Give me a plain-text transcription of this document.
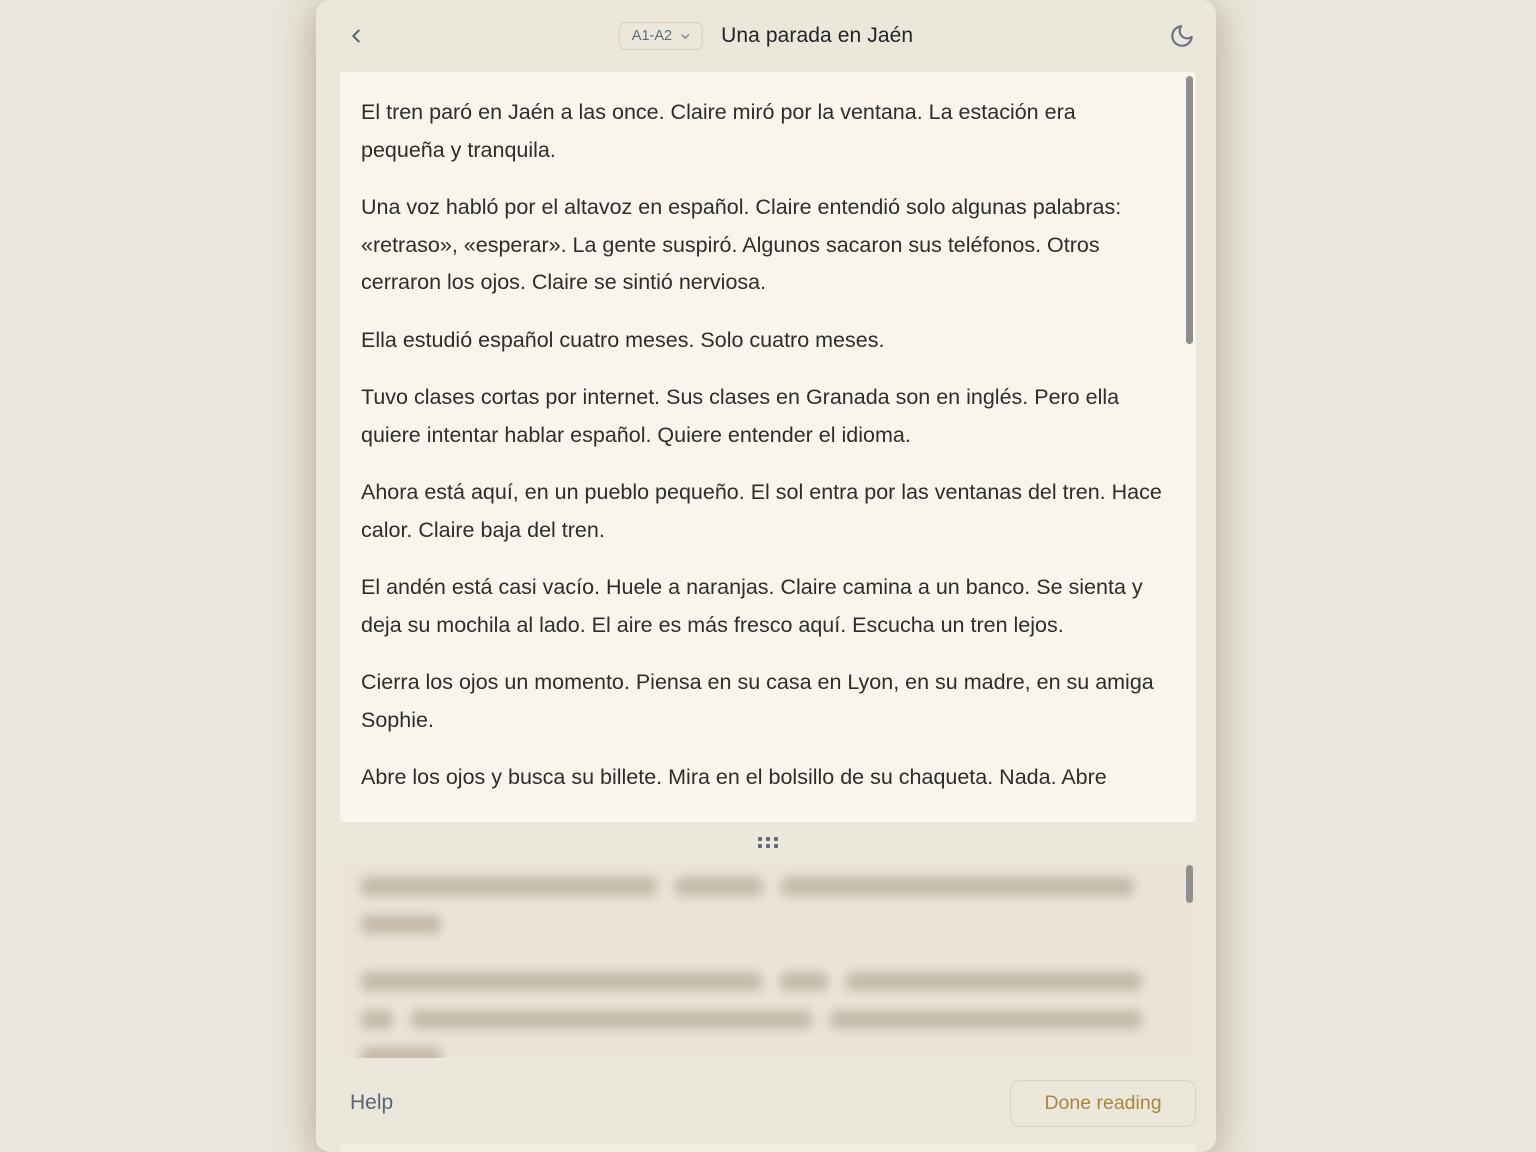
A1-A2 Una parada en Jaén

El tren paró en Jaén a las once. Claire miró por la ventana. La estación era pequeña y tranquila.

Una voz habló por el altavoz en español. Claire entendió solo algunas palabras: «retraso», «esperar». La gente suspiró. Algunos sacaron sus teléfonos. Otros cerraron los ojos. Claire se sintió nerviosa.

Ella estudió español cuatro meses. Solo cuatro meses.

Tuvo clases cortas por internet. Sus clases en Granada son en inglés. Pero ella quiere intentar hablar español. Quiere entender el idioma.

Ahora está aquí, en un pueblo pequeño. El sol entra por las ventanas del tren. Hace calor. Claire baja del tren.

El andén está casi vacío. Huele a naranjas. Claire camina a un banco. Se sienta y deja su mochila al lado. El aire es más fresco aquí. Escucha un tren lejos.

Cierra los ojos un momento. Piensa en su casa en Lyon, en su madre, en su amiga Sophie.

Abre los ojos y busca su billete. Mira en el bolsillo de su chaqueta. Nada. Abre

Help	Done reading
